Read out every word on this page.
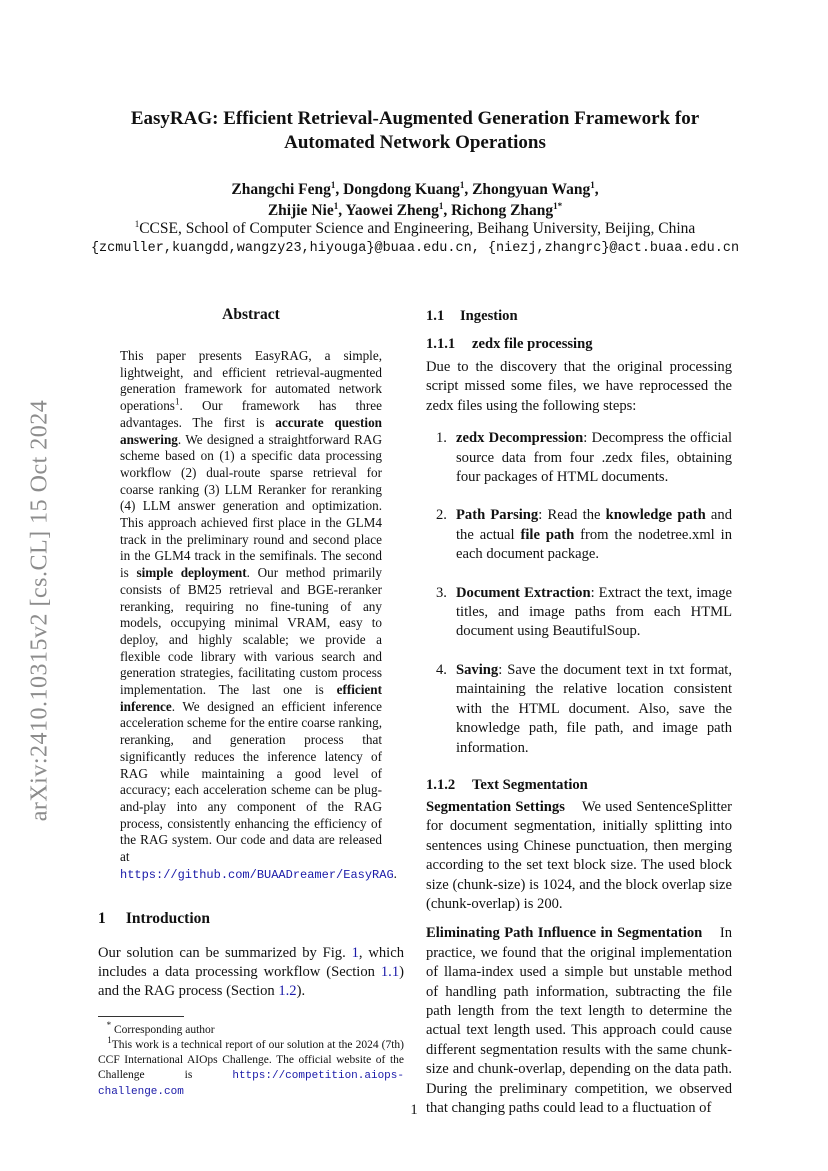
arXiv:2410.10315v2 [cs.CL] 15 Oct 2024
EasyRAG: Efficient Retrieval-Augmented Generation Framework for
Automated Network Operations
Zhangchi Feng$^1$, Dongdong Kuang$^1$, Zhongyuan Wang$^1$,
Zhijie Nie$^1$, Yaowei Zheng$^1$, Richong Zhang$^{1*}$
$^1$CCSE, School of Computer Science and Engineering, Beihang University, Beijing, China
{zcmuller,kuangdd,wangzy23,hiyouga}@buaa.edu.cn, {niezj,zhangrc}@act.buaa.edu.cn
Abstract

This paper presents EasyRAG, a simple, lightweight, and efficient retrieval-augmented generation framework for automated network operations$^1$. Our framework has three advantages. The first is accurate question answering. We designed a straightforward RAG scheme based on (1) a specific data processing workflow (2) dual-route sparse retrieval for coarse ranking (3) LLM Reranker for reranking (4) LLM answer generation and optimization. This approach achieved first place in the GLM4 track in the preliminary round and second place in the GLM4 track in the semifinals. The second is simple deployment. Our method primarily consists of BM25 retrieval and BGE-reranker reranking, requiring no fine-tuning of any models, occupying minimal VRAM, easy to deploy, and highly scalable; we provide a flexible code library with various search and generation strategies, facilitating custom process implementation. The last one is efficient inference. We designed an efficient inference acceleration scheme for the entire coarse ranking, reranking, and generation process that significantly reduces the inference latency of RAG while maintaining a good level of accuracy; each acceleration scheme can be plug-and-play into any component of the RAG process, consistently enhancing the efficiency of the RAG system. Our code and data are released at https://github.com/BUAADreamer/EasyRAG.

1 Introduction

Our solution can be summarized by Fig. 1, which includes a data processing workflow (Section 1.1) and the RAG process (Section 1.2).

* Corresponding author

$^1$This work is a technical report of our solution at the 2024 (7th) CCF International AIOps Challenge. The official website of the Challenge is https://competition.aiops-challenge.com

1.1 Ingestion
1.1.1 zedx file processing

Due to the discovery that the original processing script missed some files, we have reprocessed the zedx files using the following steps:

1. zedx Decompression: Decompress the official source data from four .zedx files, obtaining four packages of HTML documents.
2. Path Parsing: Read the knowledge path and the actual file path from the nodetree.xml in each document package.
3. Document Extraction: Extract the text, image titles, and image paths from each HTML document using BeautifulSoup.
4. Saving: Save the document text in txt format, maintaining the relative location consistent with the HTML document. Also, save the knowledge path, file path, and image path information.
1.1.2 Text Segmentation

Segmentation Settings We used SentenceSplitter for document segmentation, initially splitting into sentences using Chinese punctuation, then merging according to the set text block size. The used block size (chunk-size) is 1024, and the block overlap size (chunk-overlap) is 200.

Eliminating Path Influence in Segmentation In practice, we found that the original implementation of llama-index used a simple but unstable method of handling path information, subtracting the file path length from the text length to determine the actual text length used. This approach could cause different segmentation results with the same chunk-size and chunk-overlap, depending on the data path. During the preliminary competition, we observed that changing paths could lead to a fluctuation of

1
